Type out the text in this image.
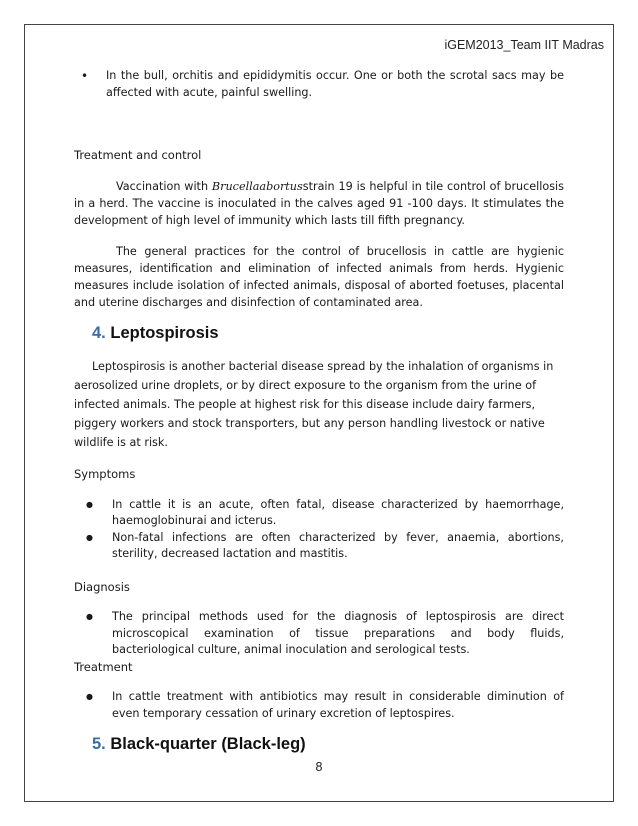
iGEM2013_Team IIT Madras
• In the bull, orchitis and epididymitis occur. One or both the scrotal sacs may be affected with acute, painful swelling.
Treatment and control

Vaccination with Brucellaabortusstrain 19 is helpful in tile control of brucellosis in a herd. The vaccine is inoculated in the calves aged 91 -100 days. It stimulates the development of high level of immunity which lasts till fifth pregnancy.

The general practices for the control of brucellosis in cattle are hygienic measures, identification and elimination of infected animals from herds. Hygienic measures include isolation of infected animals, disposal of aborted foetuses, placental and uterine discharges and disinfection of contaminated area.

4. Leptospirosis

Leptospirosis is another bacterial disease spread by the inhalation of organisms in aerosolized urine droplets, or by direct exposure to the organism from the urine of infected animals. The people at highest risk for this disease include dairy farmers, piggery workers and stock transporters, but any person handling livestock or native wildlife is at risk.

Symptoms
● In cattle it is an acute, often fatal, disease characterized by haemorrhage, haemoglobinurai and icterus.
● Non-fatal infections are often characterized by fever, anaemia, abortions, sterility, decreased lactation and mastitis.
Diagnosis
● The principal methods used for the diagnosis of leptospirosis are direct microscopical examination of tissue preparations and body fluids, bacteriological culture, animal inoculation and serological tests.
Treatment
● In cattle treatment with antibiotics may result in considerable diminution of even temporary cessation of urinary excretion of leptospires.
5. Black-quarter (Black-leg)
8
